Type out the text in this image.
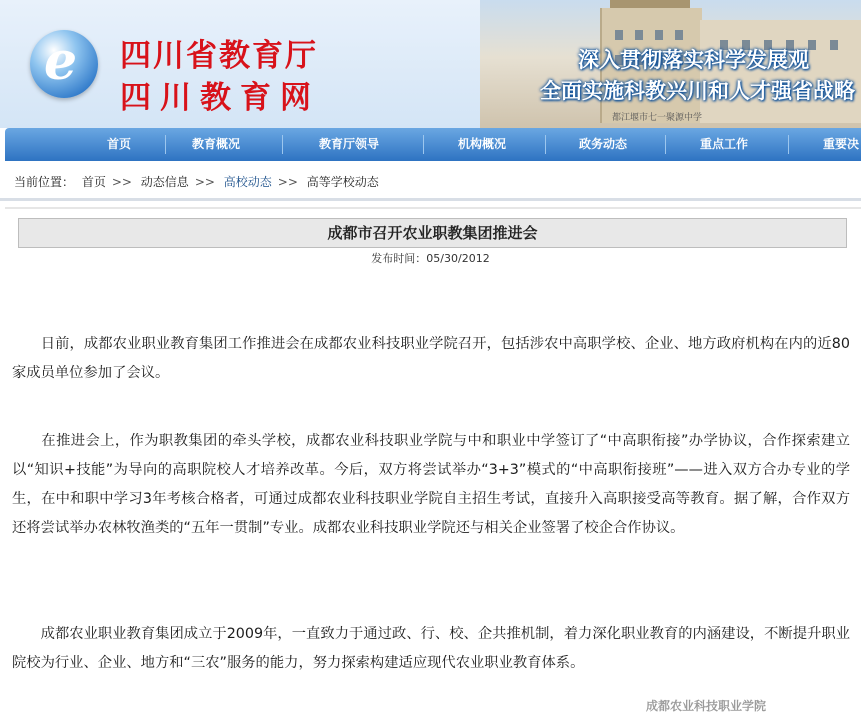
e 四川省教育厅
四川教育网
深入贯彻落实科学发展观
全面实施科教兴川和人才强省战略
都江堰市七一聚源中学
首页	教育概况	教育厅领导	机构概况	政务动态	重点工作	重要决
当前位置： 首页 >> 动态信息 >> 高校动态 >> 高等学校动态
成都市召开农业职教集团推进会
发布时间：05/30/2012
　　日前，成都农业职业教育集团工作推进会在成都农业科技职业学院召开，包括涉农中高职学校、企业、地方政府机构在内的近80家成员单位参加了会议。
　　在推进会上，作为职教集团的牵头学校，成都农业科技职业学院与中和职业中学签订了“中高职衔接”办学协议，合作探索建立以“知识+技能”为导向的高职院校人才培养改革。今后，双方将尝试举办“3+3”模式的“中高职衔接班”——进入双方合办专业的学生，在中和职中学习3年考核合格者，可通过成都农业科技职业学院自主招生考试，直接升入高职接受高等教育。据了解，合作双方还将尝试举办农林牧渔类的“五年一贯制”专业。成都农业科技职业学院还与相关企业签署了校企合作协议。
　　成都农业职业教育集团成立于2009年，一直致力于通过政、行、校、企共推机制，着力深化职业教育的内涵建设，不断提升职业院校为行业、企业、地方和“三农”服务的能力，努力探索构建适应现代农业职业教育体系。
成都农业科技职业学院
